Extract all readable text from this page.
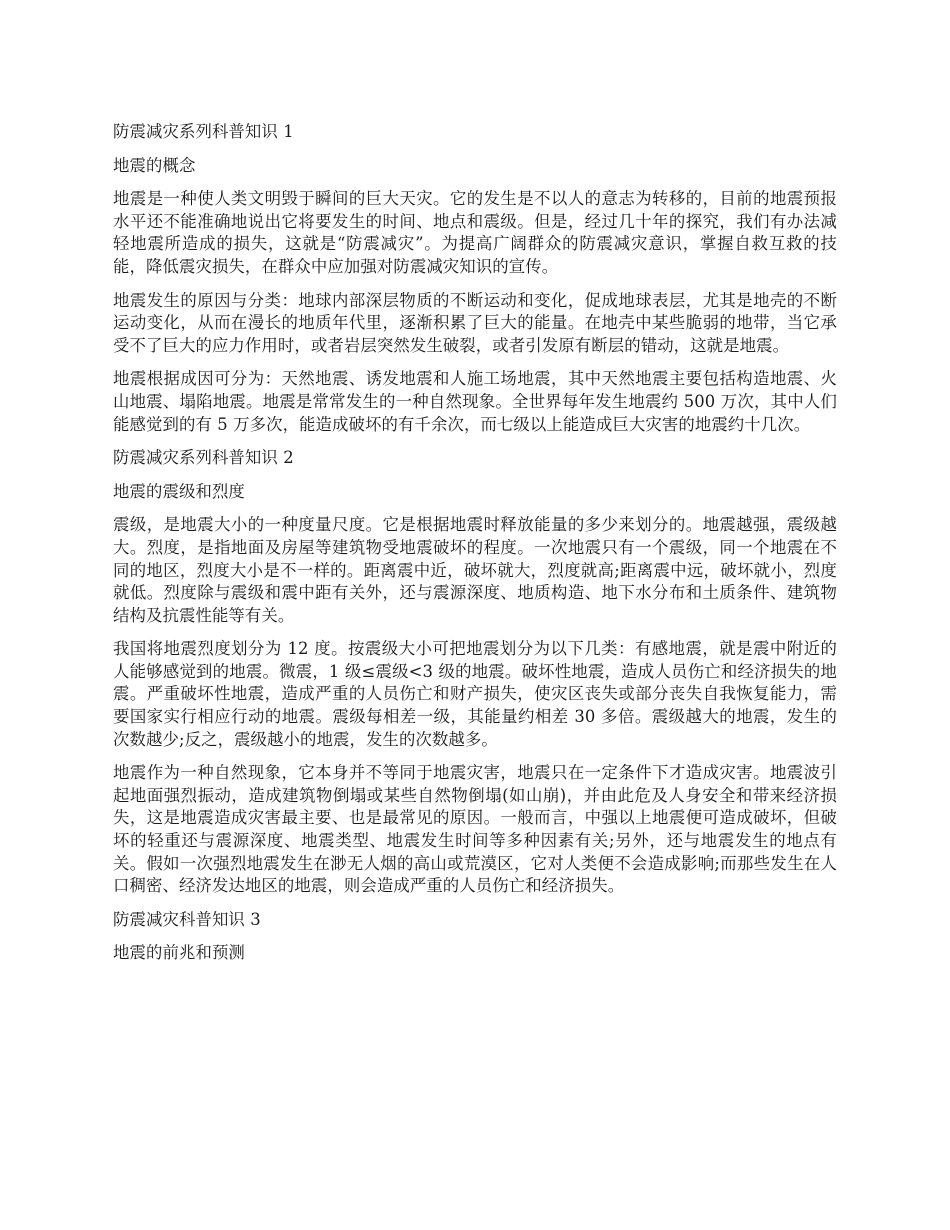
防震减灾系列科普知识 1
地震的概念
地震是一种使人类文明毁于瞬间的巨大天灾。它的发生是不以人的意志为转移的，目前的地震预报水平还不能准确地说出它将要发生的时间、地点和震级。但是，经过几十年的探究，我们有办法减轻地震所造成的损失，这就是“防震减灾”。为提高广阔群众的防震减灾意识，掌握自救互救的技能，降低震灾损失，在群众中应加强对防震减灾知识的宣传。
地震发生的原因与分类：地球内部深层物质的不断运动和变化，促成地球表层，尤其是地壳的不断运动变化，从而在漫长的地质年代里，逐渐积累了巨大的能量。在地壳中某些脆弱的地带，当它承受不了巨大的应力作用时，或者岩层突然发生破裂，或者引发原有断层的错动，这就是地震。
地震根据成因可分为：天然地震、诱发地震和人施工场地震，其中天然地震主要包括构造地震、火山地震、塌陷地震。地震是常常发生的一种自然现象。全世界每年发生地震约 500 万次，其中人们能感觉到的有 5 万多次，能造成破坏的有千余次，而七级以上能造成巨大灾害的地震约十几次。
防震减灾系列科普知识 2
地震的震级和烈度
震级，是地震大小的一种度量尺度。它是根据地震时释放能量的多少来划分的。地震越强，震级越大。烈度，是指地面及房屋等建筑物受地震破坏的程度。一次地震只有一个震级，同一个地震在不同的地区，烈度大小是不一样的。距离震中近，破坏就大，烈度就高;距离震中远，破坏就小，烈度就低。烈度除与震级和震中距有关外，还与震源深度、地质构造、地下水分布和土质条件、建筑物结构及抗震性能等有关。
我国将地震烈度划分为 12 度。按震级大小可把地震划分为以下几类：有感地震，就是震中附近的人能够感觉到的地震。微震，1 级≤震级<3 级的地震。破坏性地震，造成人员伤亡和经济损失的地震。严重破坏性地震，造成严重的人员伤亡和财产损失，使灾区丧失或部分丧失自我恢复能力，需要国家实行相应行动的地震。震级每相差一级，其能量约相差 30 多倍。震级越大的地震，发生的次数越少;反之，震级越小的地震，发生的次数越多。
地震作为一种自然现象，它本身并不等同于地震灾害，地震只在一定条件下才造成灾害。地震波引起地面强烈振动，造成建筑物倒塌或某些自然物倒塌(如山崩)，并由此危及人身安全和带来经济损失，这是地震造成灾害最主要、也是最常见的原因。一般而言，中强以上地震便可造成破坏，但破坏的轻重还与震源深度、地震类型、地震发生时间等多种因素有关;另外，还与地震发生的地点有关。假如一次强烈地震发生在渺无人烟的高山或荒漠区，它对人类便不会造成影响;而那些发生在人口稠密、经济发达地区的地震，则会造成严重的人员伤亡和经济损失。
防震减灾科普知识 3
地震的前兆和预测
